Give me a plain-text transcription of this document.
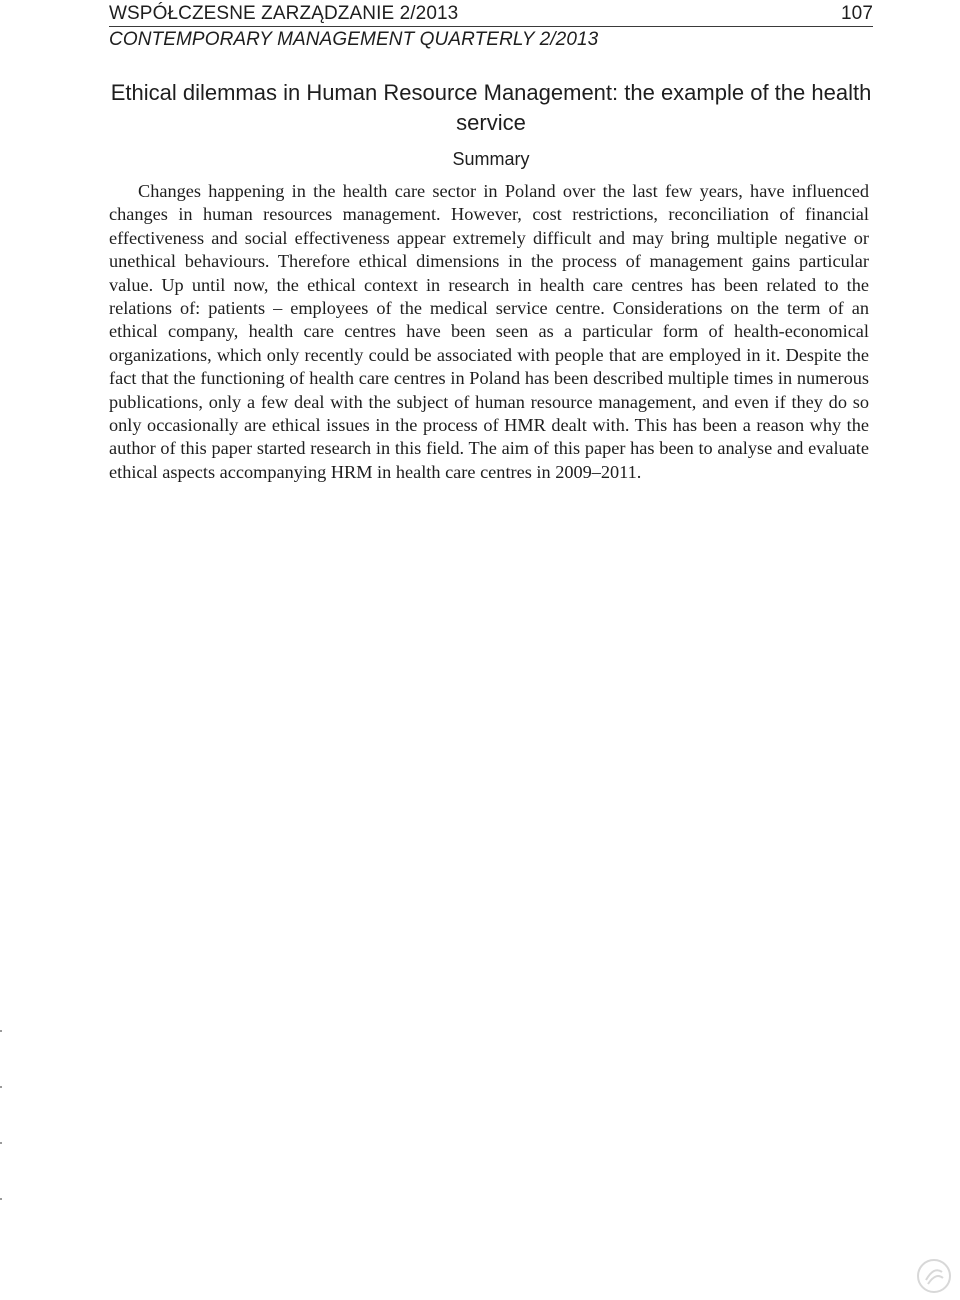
WSPÓŁCZESNE ZARZĄDZANIE 2/2013	107
CONTEMPORARY MANAGEMENT QUARTERLY 2/2013
Ethical dilemmas in Human Resource Management: the example of the health service
Summary

Changes happening in the health care sector in Poland over the last few years, have influenced changes in human resources management. However, cost restrictions, reconciliation of financial effectiveness and social effectiveness appear extremely difficult and may bring multiple negative or unethical behaviours. Therefore ethical dimensions in the process of management gains particular value. Up until now, the ethical context in research in health care centres has been related to the relations of: patients – employees of the medical service centre. Considerations on the term of an ethical company, health care centres have been seen as a particular form of health-economical organizations, which only recently could be associated with people that are employed in it. Despite the fact that the functioning of health care centres in Poland has been described multiple times in numerous publications, only a few deal with the subject of human resource management, and even if they do so only occasionally are ethical issues in the process of HMR dealt with. This has been a reason why the author of this paper started research in this field. The aim of this paper has been to analyse and evaluate ethical aspects accompanying HRM in health care centres in 2009–2011.
